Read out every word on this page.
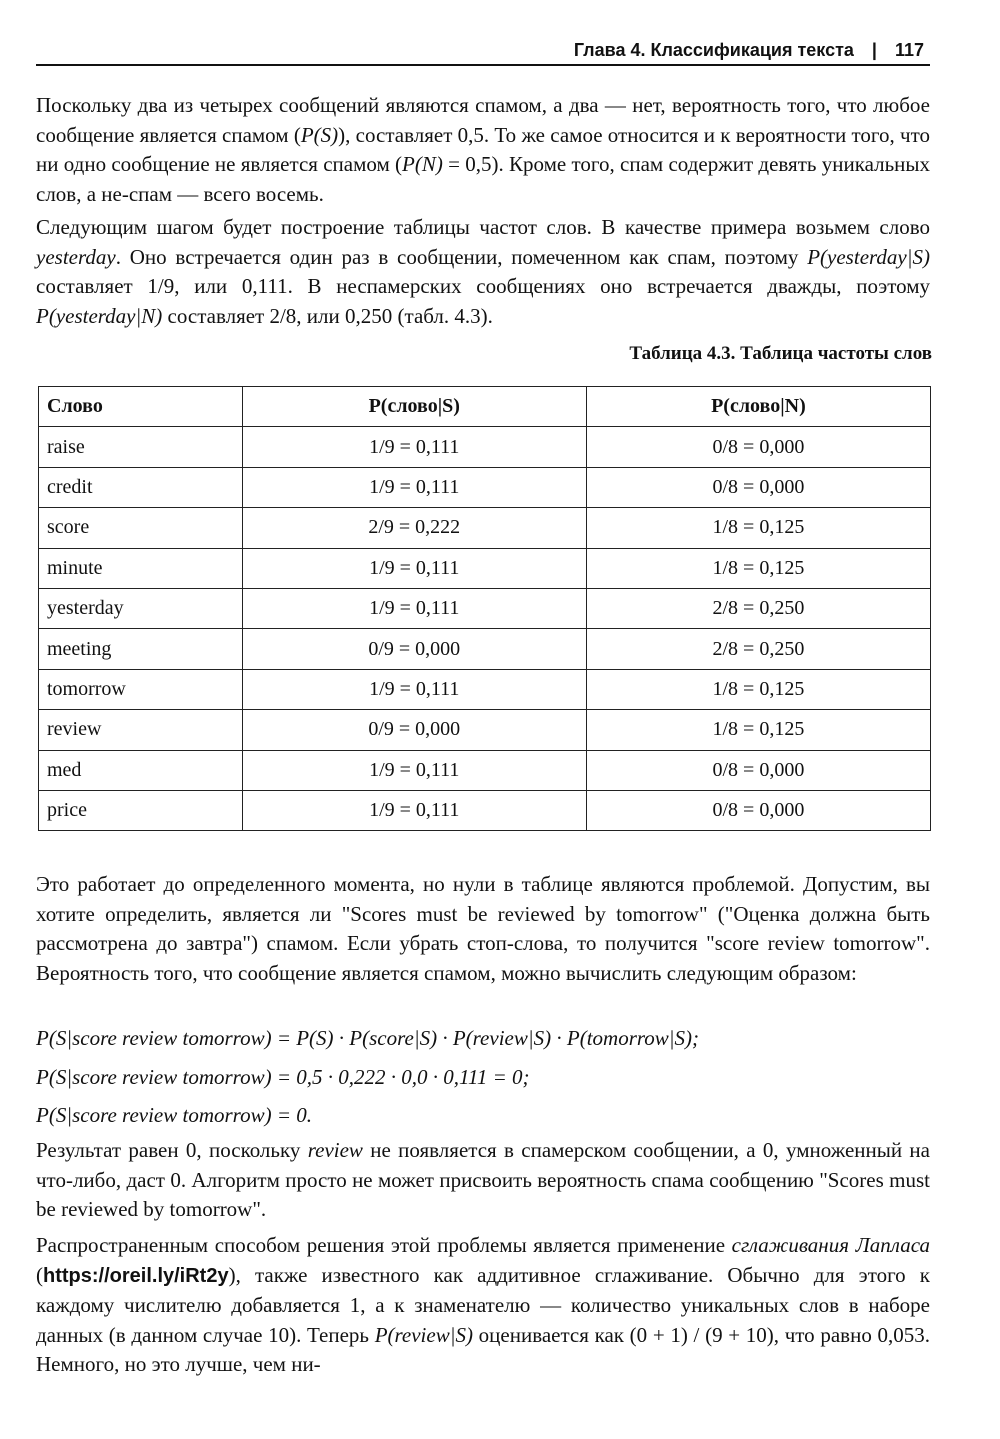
Глава 4. Классификация текста | 117

Поскольку два из четырех сообщений являются спамом, а два — нет, вероятность того, что любое сообщение является спамом (P(S)), составляет 0,5. То же самое относится и к вероятности того, что ни одно сообщение не является спамом (P(N) = 0,5). Кроме того, спам содержит девять уникальных слов, а не-спам — всего восемь.

Следующим шагом будет построение таблицы частот слов. В качестве примера возьмем слово yesterday. Оно встречается один раз в сообщении, помеченном как спам, поэтому P(yesterday|S) составляет 1/9, или 0,111. В неспамерских сообщениях оно встречается дважды, поэтому P(yesterday|N) составляет 2/8, или 0,250 (табл. 4.3).

Таблица 4.3. Таблица частоты слов
Слово	P(слово|S)	P(слово|N)
raise	1/9 = 0,111	0/8 = 0,000
credit	1/9 = 0,111	0/8 = 0,000
score	2/9 = 0,222	1/8 = 0,125
minute	1/9 = 0,111	1/8 = 0,125
yesterday	1/9 = 0,111	2/8 = 0,250
meeting	0/9 = 0,000	2/8 = 0,250
tomorrow	1/9 = 0,111	1/8 = 0,125
review	0/9 = 0,000	1/8 = 0,125
med	1/9 = 0,111	0/8 = 0,000
price	1/9 = 0,111	0/8 = 0,000

Это работает до определенного момента, но нули в таблице являются проблемой. Допустим, вы хотите определить, является ли "Scores must be reviewed by tomorrow" ("Оценка должна быть рассмотрена до завтра") спамом. Если убрать стоп-слова, то получится "score review tomorrow". Вероятность того, что сообщение является спамом, можно вычислить следующим образом:

P(S|score review tomorrow) = P(S) · P(score|S) · P(review|S) · P(tomorrow|S);
P(S|score review tomorrow) = 0,5 · 0,222 · 0,0 · 0,111 = 0;
P(S|score review tomorrow) = 0.

Результат равен 0, поскольку review не появляется в спамерском сообщении, а 0, умноженный на что-либо, даст 0. Алгоритм просто не может присвоить вероятность спама сообщению "Scores must be reviewed by tomorrow".

Распространенным способом решения этой проблемы является применение сглаживания Лапласа (https://oreil.ly/iRt2y), также известного как аддитивное сглаживание. Обычно для этого к каждому числителю добавляется 1, а к знаменателю — количество уникальных слов в наборе данных (в данном случае 10). Теперь P(review|S) оценивается как (0 + 1) / (9 + 10), что равно 0,053. Немного, но это лучше, чем ни-
